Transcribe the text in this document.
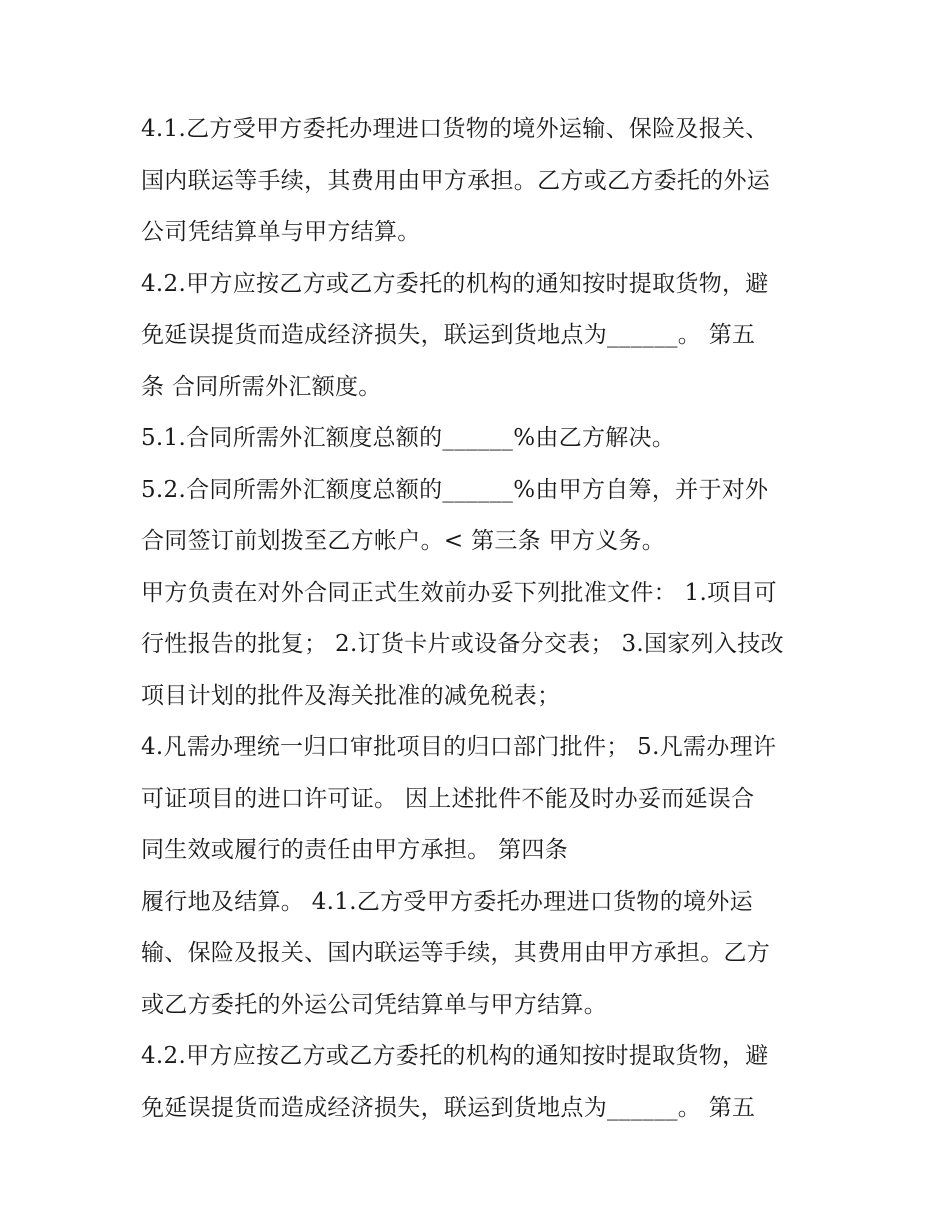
4.1.乙方受甲方委托办理进口货物的境外运输、保险及报关、
国内联运等手续，其费用由甲方承担。乙方或乙方委托的外运
公司凭结算单与甲方结算。
4.2.甲方应按乙方或乙方委托的机构的通知按时提取货物，避
免延误提货而造成经济损失，联运到货地点为______。 第五
条 合同所需外汇额度。
5.1.合同所需外汇额度总额的______%由乙方解决。
5.2.合同所需外汇额度总额的______%由甲方自筹，并于对外
合同签订前划拨至乙方帐户。< 第三条 甲方义务。
甲方负责在对外合同正式生效前办妥下列批准文件： 1.项目可
行性报告的批复； 2.订货卡片或设备分交表； 3.国家列入技改
项目计划的批件及海关批准的减免税表；
4.凡需办理统一归口审批项目的归口部门批件； 5.凡需办理许
可证项目的进口许可证。 因上述批件不能及时办妥而延误合
同生效或履行的责任由甲方承担。 第四条
履行地及结算。 4.1.乙方受甲方委托办理进口货物的境外运
输、保险及报关、国内联运等手续，其费用由甲方承担。乙方
或乙方委托的外运公司凭结算单与甲方结算。
4.2.甲方应按乙方或乙方委托的机构的通知按时提取货物，避
免延误提货而造成经济损失，联运到货地点为______。 第五
